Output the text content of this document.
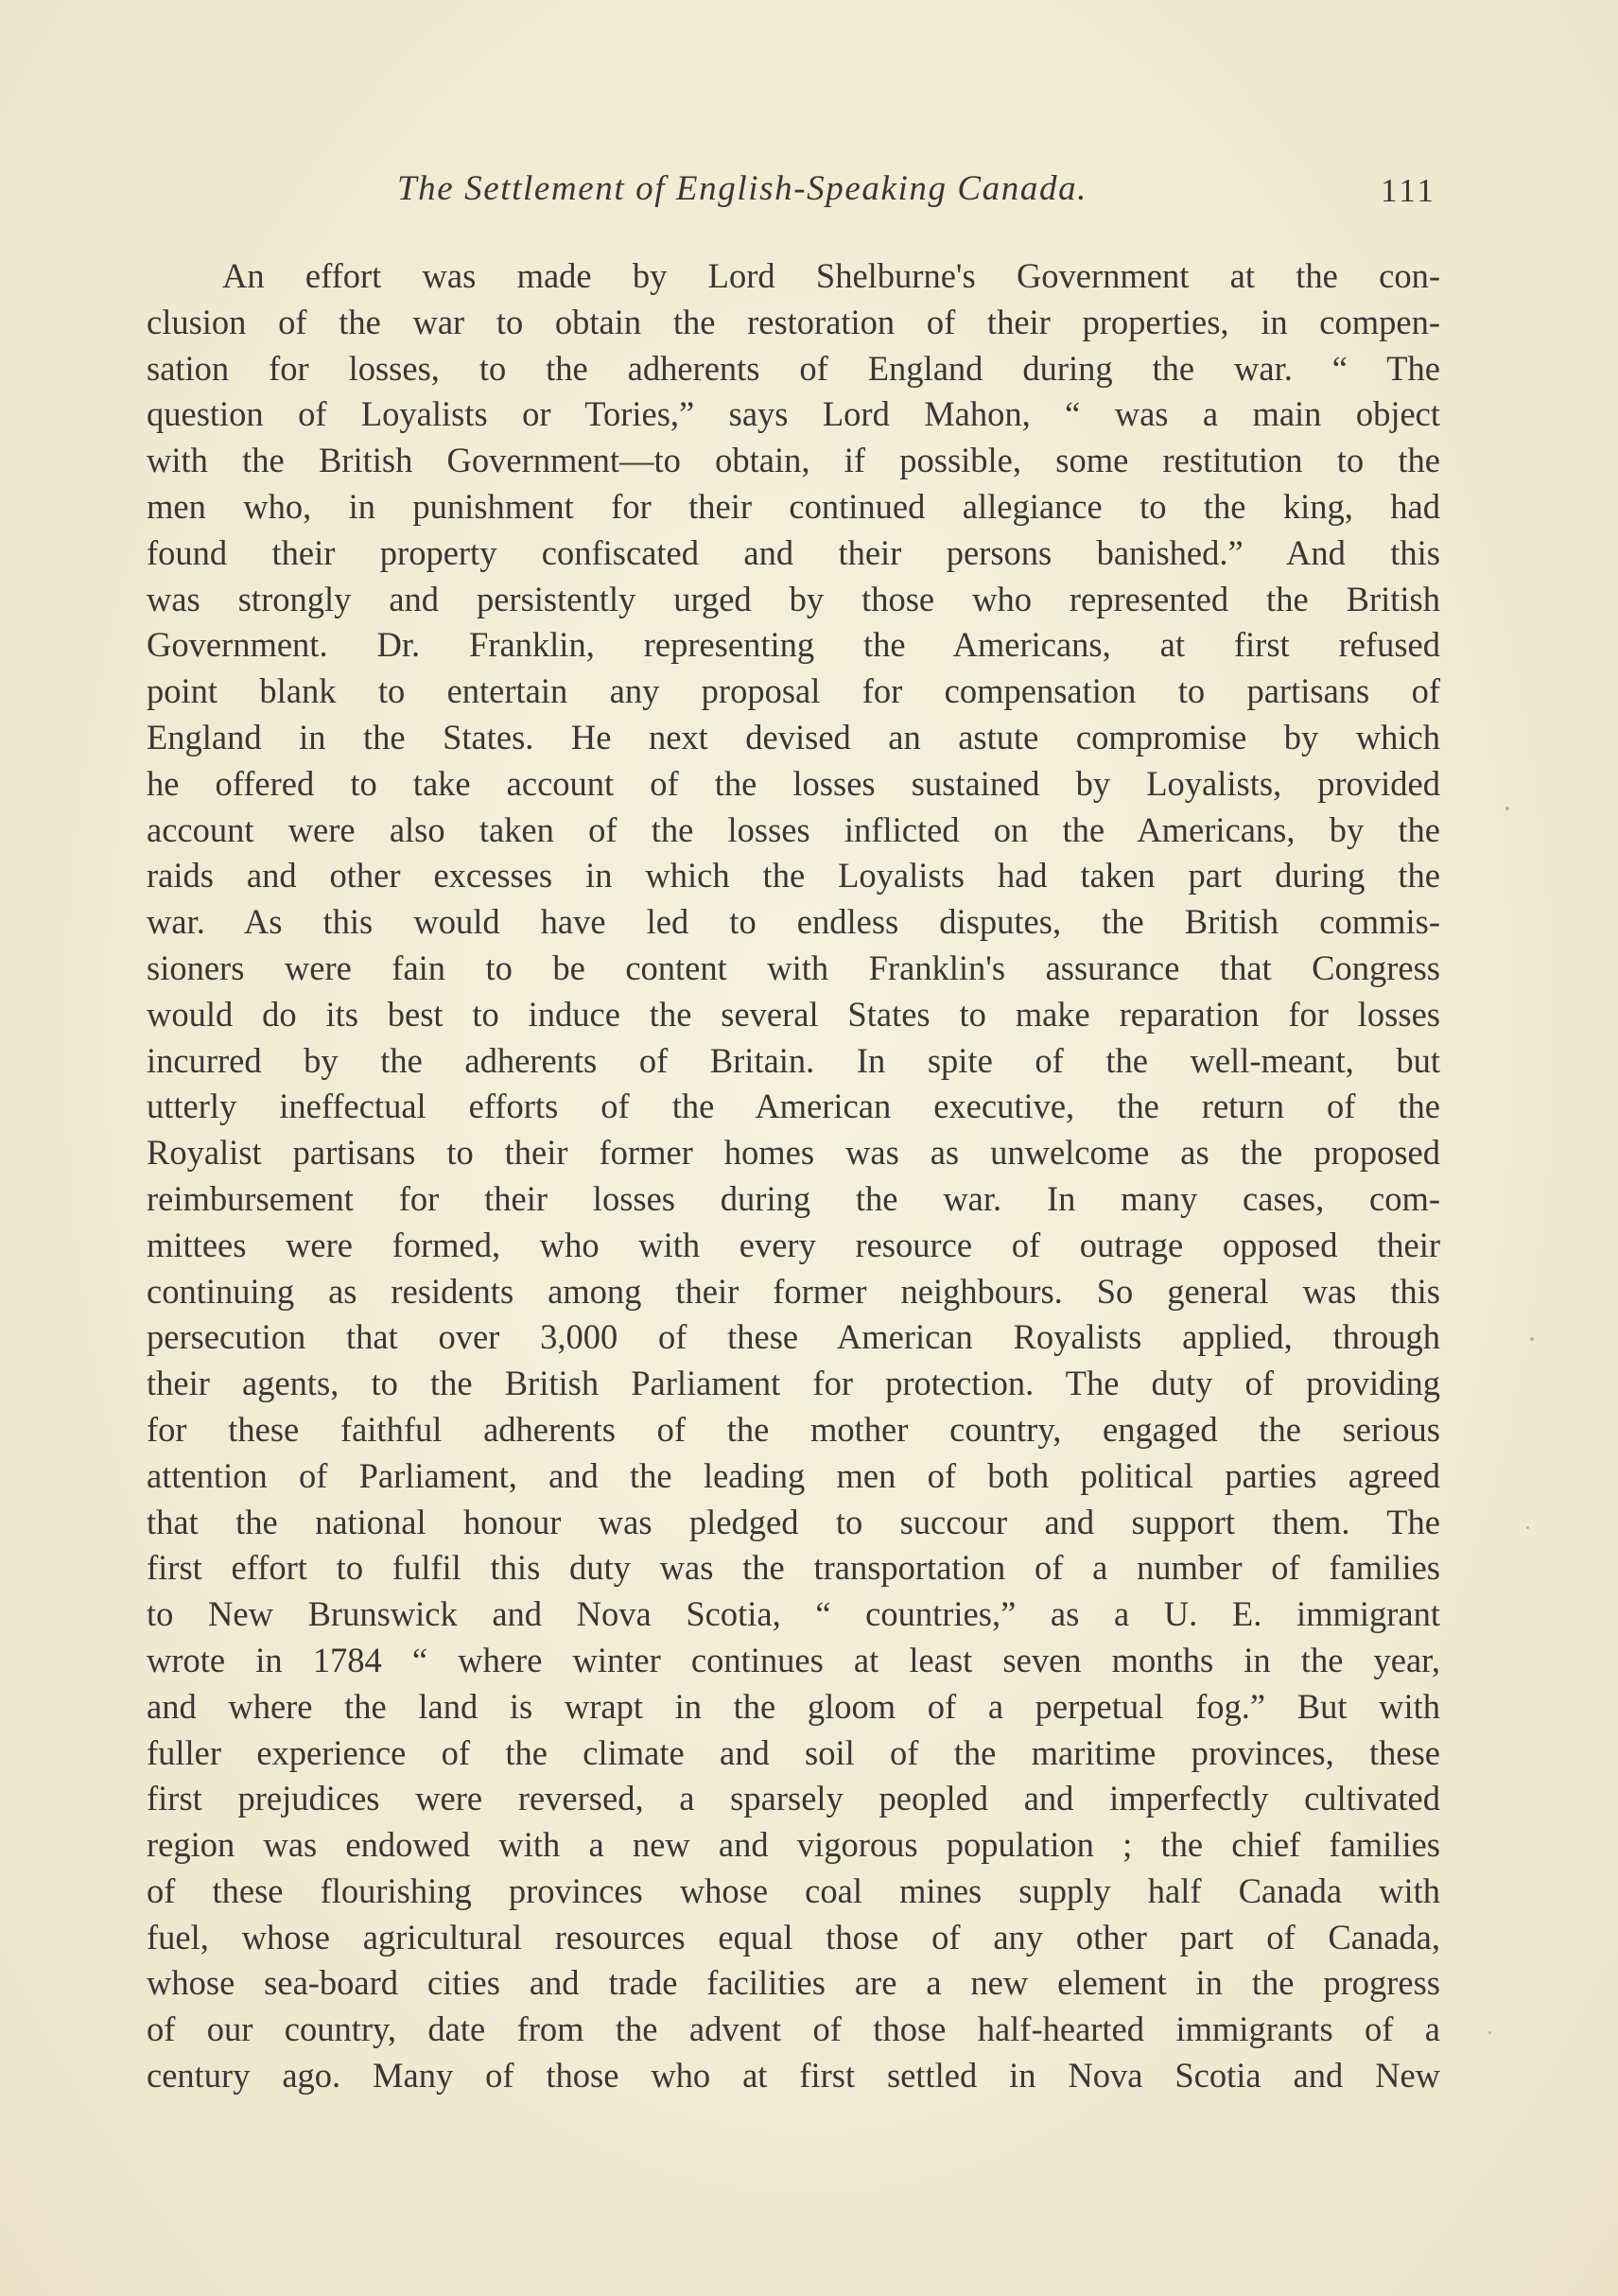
The Settlement of English-Speaking Canada.	111
An effort was made by Lord Shelburne's Government at the con-
clusion of the war to obtain the restoration of their properties, in compen-
sation for losses, to the adherents of England during the war. “ The
question of Loyalists or Tories,” says Lord Mahon, “ was a main object
with the British Government—to obtain, if possible, some restitution to the
men who, in punishment for their continued allegiance to the king, had
found their property confiscated and their persons banished.” And this
was strongly and persistently urged by those who represented the British
Government. Dr. Franklin, representing the Americans, at first refused
point blank to entertain any proposal for compensation to partisans of
England in the States. He next devised an astute compromise by which
he offered to take account of the losses sustained by Loyalists, provided
account were also taken of the losses inflicted on the Americans, by the
raids and other excesses in which the Loyalists had taken part during the
war. As this would have led to endless disputes, the British commis-
sioners were fain to be content with Franklin's assurance that Congress
would do its best to induce the several States to make reparation for losses
incurred by the adherents of Britain. In spite of the well-meant, but
utterly ineffectual efforts of the American executive, the return of the
Royalist partisans to their former homes was as unwelcome as the proposed
reimbursement for their losses during the war. In many cases, com-
mittees were formed, who with every resource of outrage opposed their
continuing as residents among their former neighbours. So general was this
persecution that over 3,000 of these American Royalists applied, through
their agents, to the British Parliament for protection. The duty of providing
for these faithful adherents of the mother country, engaged the serious
attention of Parliament, and the leading men of both political parties agreed
that the national honour was pledged to succour and support them. The
first effort to fulfil this duty was the transportation of a number of families
to New Brunswick and Nova Scotia, “ countries,” as a U. E. immigrant
wrote in 1784 “ where winter continues at least seven months in the year,
and where the land is wrapt in the gloom of a perpetual fog.” But with
fuller experience of the climate and soil of the maritime provinces, these
first prejudices were reversed, a sparsely peopled and imperfectly cultivated
region was endowed with a new and vigorous population ; the chief families
of these flourishing provinces whose coal mines supply half Canada with
fuel, whose agricultural resources equal those of any other part of Canada,
whose sea-board cities and trade facilities are a new element in the progress
of our country, date from the advent of those half-hearted immigrants of a
century ago. Many of those who at first settled in Nova Scotia and New
